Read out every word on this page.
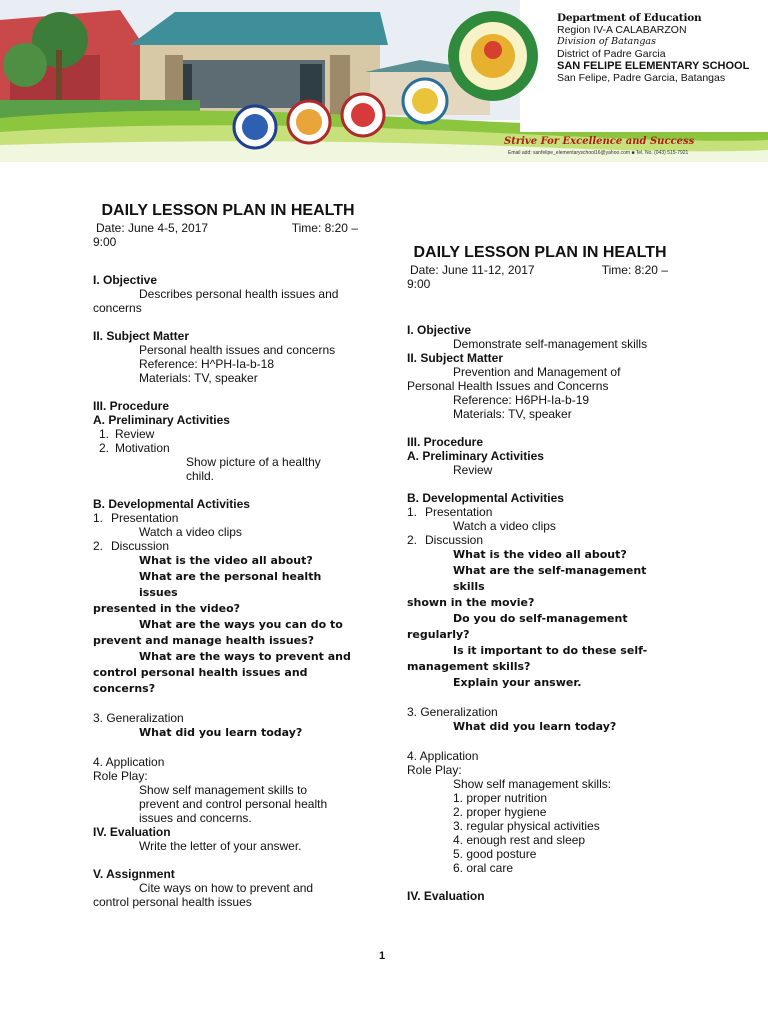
Department of Education
Region IV-A CALABARZON
Division of Batangas
District of Padre Garcia
SAN FELIPE ELEMENTARY SCHOOL
San Felipe, Padre Garcia, Batangas
Strive For Excellence and Success
Email add: sanfelipe_elementaryschool16@yahoo.com ■ Tel. No. (043) 515-7921
DAILY LESSON PLAN IN HEALTH
Date: June 4-5, 2017	Time: 8:20 –
9:00
I. Objective
Describes personal health issues and
concerns
II. Subject Matter
Personal health issues and concerns
Reference: H^PH-Ia-b-18
Materials: TV, speaker
III. Procedure
A. Preliminary Activities
1. Review
2. Motivation
Show picture of a healthy
child.
B. Developmental Activities
1. Presentation
Watch a video clips
2. Discussion
What is the video all about?
What are the personal health issues
presented in the video?
What are the ways you can do to
prevent and manage health issues?
What are the ways to prevent and
control personal health issues and concerns?
3. Generalization
What did you learn today?
4. Application
Role Play:
Show self management skills to
prevent and control personal health
issues and concerns.
IV. Evaluation
Write the letter of your answer.
V. Assignment
Cite ways on how to prevent and
control personal health issues
DAILY LESSON PLAN IN HEALTH
Date: June 11-12, 2017	Time: 8:20 –
9:00
I. Objective
Demonstrate self-management skills
II. Subject Matter
Prevention and Management of
Personal Health Issues and Concerns
Reference: H6PH-Ia-b-19
Materials: TV, speaker
III. Procedure
A. Preliminary Activities
Review
B. Developmental Activities
1. Presentation
Watch a video clips
2. Discussion
What is the video all about?
What are the self-management skills
shown in the movie?
Do you do self-management
regularly?
Is it important to do these self-
management skills?
Explain your answer.
3. Generalization
What did you learn today?
4. Application
Role Play:
Show self management skills:
1. proper nutrition
2. proper hygiene
3. regular physical activities
4. enough rest and sleep
5. good posture
6. oral care
IV. Evaluation
1
